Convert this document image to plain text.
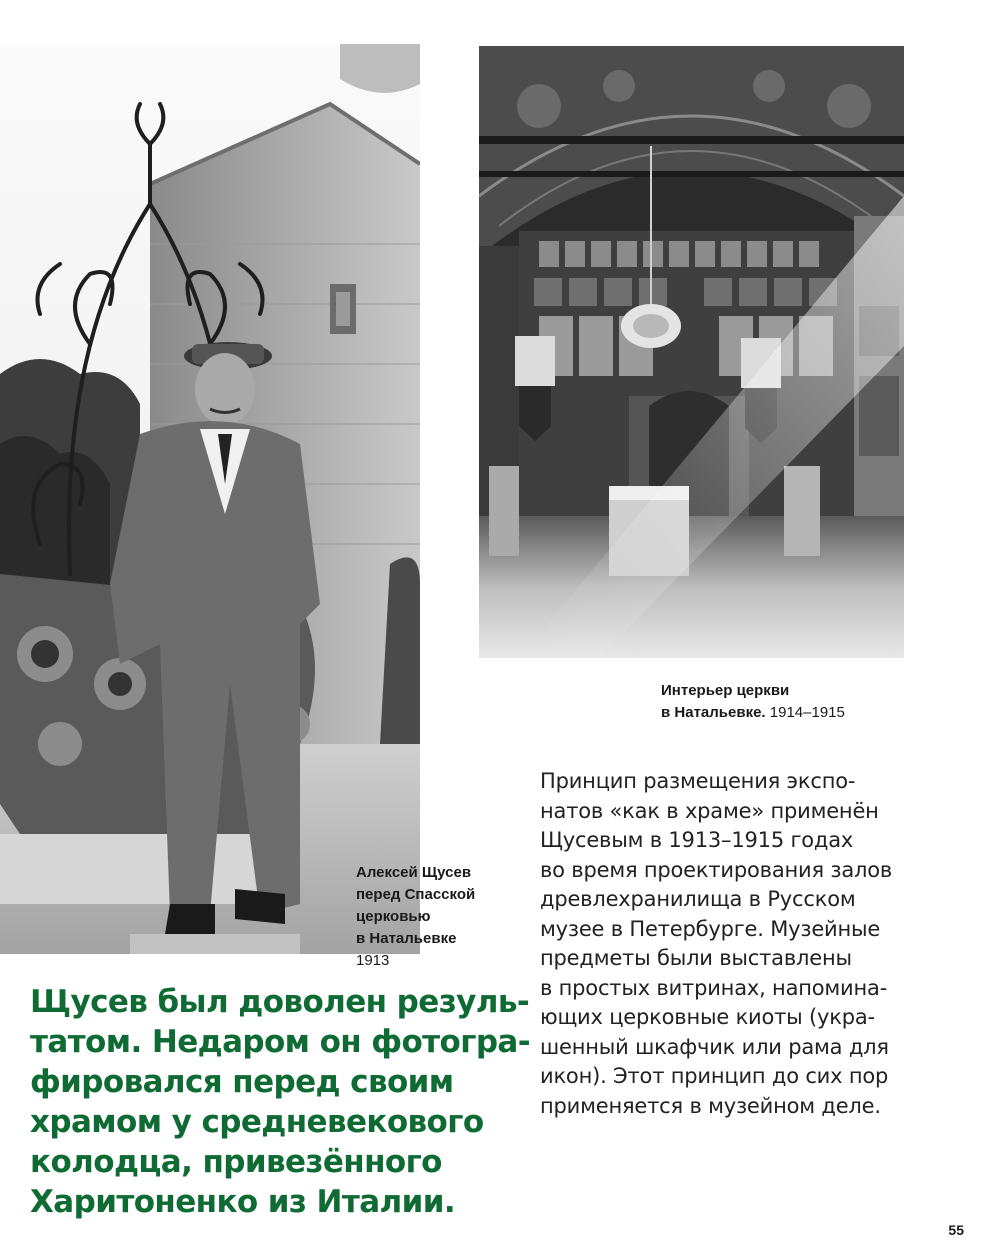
Интерьер церкви
в Натальевке. 1914–1915
Алексей Щусев
перед Спасской
церковью
в Натальевке
1913
Щусев был доволен резуль-
татом. Недаром он фотогра-
фировался перед своим
храмом у средневекового
колодца, привезённого
Харитоненко из Италии.
Принцип размещения экспо-
натов «как в храме» применён
Щусевым в 1913–1915 годах
во время проектирования залов
древлехранилища в Русском
музее в Петербурге. Музейные
предметы были выставлены
в простых витринах, напомина-
ющих церковные киоты (укра-
шенный шкафчик или рама для
икон). Этот принцип до сих пор
применяется в музейном деле.
55
